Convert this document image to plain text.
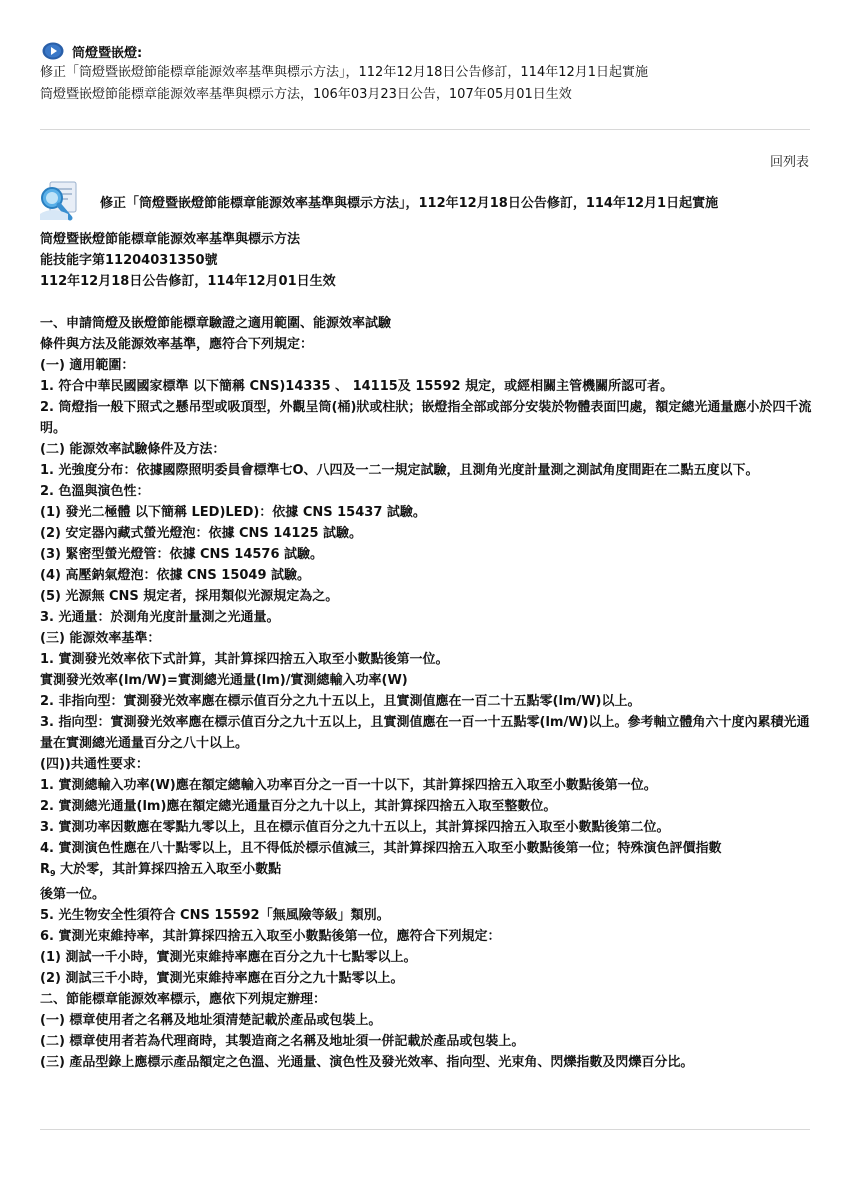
筒燈暨嵌燈:
修正「筒燈暨嵌燈節能標章能源效率基準與標示方法」，112年12月18日公告修訂，114年12月1日起實施
筒燈暨嵌燈節能標章能源效率基準與標示方法，106年03月23日公告，107年05月01日生效
回列表
修正「筒燈暨嵌燈節能標章能源效率基準與標示方法」，112年12月18日公告修訂，114年12月1日起實施
筒燈暨嵌燈節能標章能源效率基準與標示方法
能技能字第11204031350號
112年12月18日公告修訂，114年12月01日生效
一、申請筒燈及嵌燈節能標章驗證之適用範圍、能源效率試驗
條件與方法及能源效率基準，應符合下列規定：
(一) 適用範圍：
1. 符合中華民國國家標準 以下簡稱 CNS)14335 、 14115及 15592 規定，或經相關主管機關所認可者。
2. 筒燈指一般下照式之懸吊型或吸頂型，外觀呈筒(桶)狀或柱狀；嵌燈指全部或部分安裝於物體表面凹處，額定總光通量應小於四千流明。
(二) 能源效率試驗條件及方法：
1. 光強度分布：依據國際照明委員會標準七O、八四及一二一規定試驗，且測角光度計量測之測試角度間距在二點五度以下。
2. 色溫與演色性：
(1) 發光二極體 以下簡稱 LED)LED)：依據 CNS 15437 試驗。
(2) 安定器內藏式螢光燈泡：依據 CNS 14125 試驗。
(3) 緊密型螢光燈管：依據 CNS 14576 試驗。
(4) 高壓鈉氣燈泡：依據 CNS 15049 試驗。
(5) 光源無 CNS 規定者，採用類似光源規定為之。
3. 光通量：於測角光度計量測之光通量。
(三) 能源效率基準：
1. 實測發光效率依下式計算，其計算採四捨五入取至小數點後第一位。
實測發光效率(lm/W)=實測總光通量(lm)/實測總輸入功率(W)
2. 非指向型：實測發光效率應在標示值百分之九十五以上，且實測值應在一百二十五點零(lm/W)以上。
3. 指向型：實測發光效率應在標示值百分之九十五以上，且實測值應在一百一十五點零(lm/W)以上。參考軸立體角六十度內累積光通量在實測總光通量百分之八十以上。
(四))共通性要求：
1. 實測總輸入功率(W)應在額定總輸入功率百分之一百一十以下，其計算採四捨五入取至小數點後第一位。
2. 實測總光通量(lm)應在額定總光通量百分之九十以上，其計算採四捨五入取至整數位。
3. 實測功率因數應在零點九零以上，且在標示值百分之九十五以上，其計算採四捨五入取至小數點後第二位。
4. 實測演色性應在八十點零以上，且不得低於標示值減三，其計算採四捨五入取至小數點後第一位；特殊演色評價指數
$R_9$ 大於零，其計算採四捨五入取至小數點
後第一位。
5. 光生物安全性須符合 CNS 15592「無風險等級」類別。
6. 實測光束維持率，其計算採四捨五入取至小數點後第一位，應符合下列規定：
(1) 測試一千小時，實測光束維持率應在百分之九十七點零以上。
(2) 測試三千小時，實測光束維持率應在百分之九十點零以上。
二、節能標章能源效率標示，應依下列規定辦理：
(一) 標章使用者之名稱及地址須清楚記載於產品或包裝上。
(二) 標章使用者若為代理商時，其製造商之名稱及地址須一併記載於產品或包裝上。
(三) 產品型錄上應標示產品額定之色溫、光通量、演色性及發光效率、指向型、光束角、閃爍指數及閃爍百分比。
